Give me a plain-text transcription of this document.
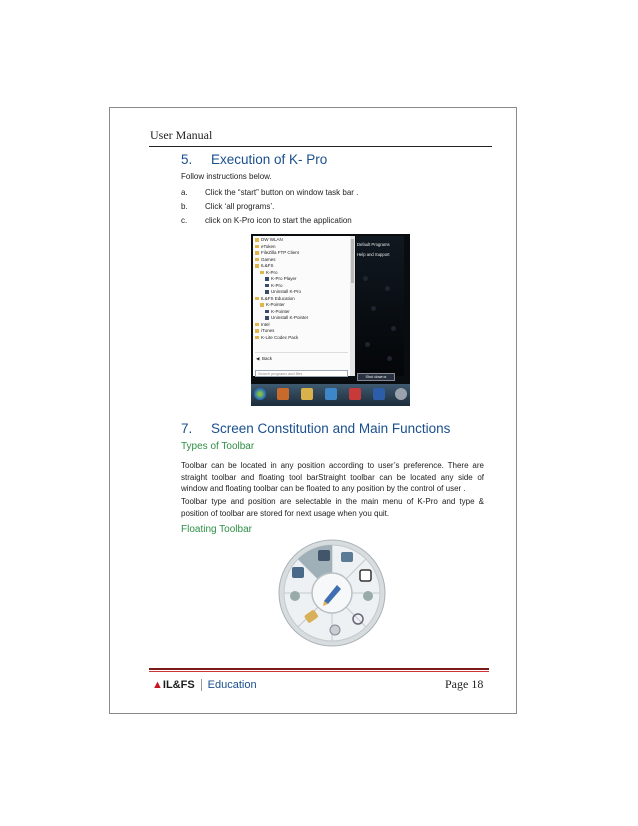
User Manual
5. Execution of K- Pro
Follow instructions below.
a. Click the “start” button on window task bar .
b. Click ‘all programs’.
c. click on K-Pro icon to start the application
DW WLAN
eToken
FileZilla FTP Client
Games
IL&FS
K-Pro
K-Pro Player
K-Pro
Uninstall K-Pro
IL&FS Education
K-Pointer
K-Pointer
Uninstall K-Pointer
Intel
iTunes
K-Lite Codec Pack
◀  Back
Search programs and files
Default Programs
Help and Support
Shut down ▸
7. Screen Constitution and Main Functions
Types of Toolbar
Toolbar can be located in any position according to user’s preference. There are straight toolbar and floating tool barStraight toolbar can be located any side of window and floating toolbar can be floated to any position by the control of user .
Toolbar type and position are selectable in the main menu of K-Pro and type & position of toolbar are stored for next usage when you quit.
Floating Toolbar
▲IL&FS Education	Page 18
